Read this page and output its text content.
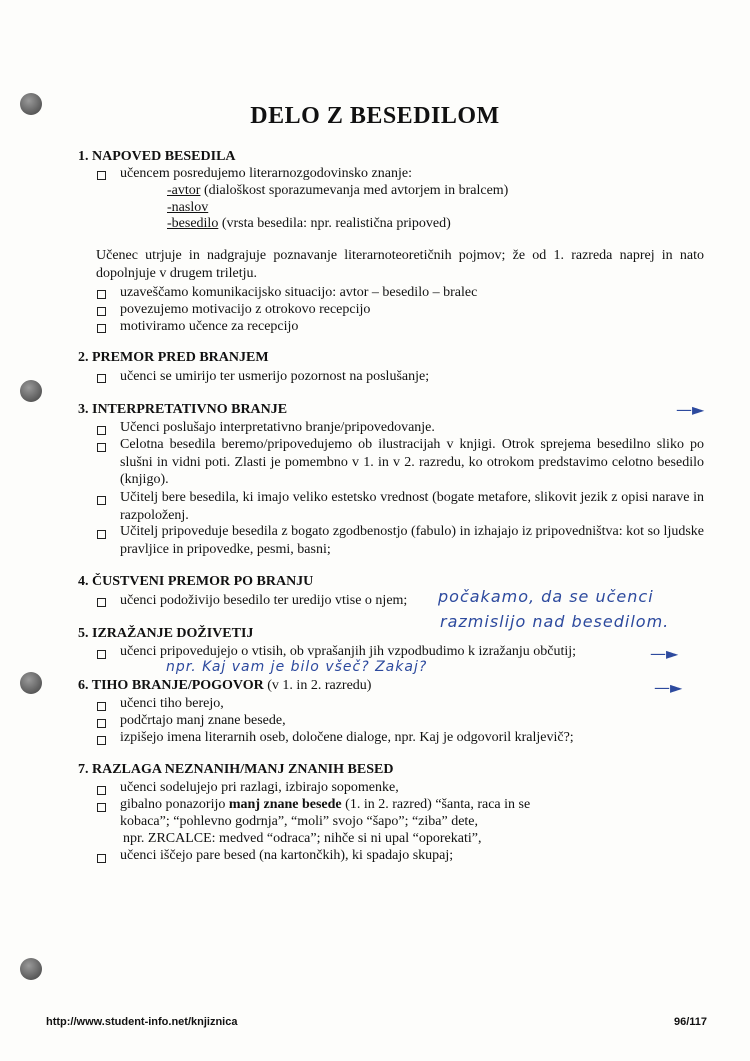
DELO Z BESEDILOM
1. NAPOVED BESEDILA
učencem posredujemo literarnozgodovinsko znanje:
-avtor (dialoškost sporazumevanja med avtorjem in bralcem)
-naslov
-besedilo (vrsta besedila: npr. realistična pripoved)
Učenec utrjuje in nadgrajuje poznavanje literarnoteoretičnih pojmov; že od 1. razreda naprej in nato dopolnjuje v drugem triletju.
uzaveščamo komunikacijsko situacijo: avtor – besedilo – bralec
povezujemo motivacijo z otrokovo recepcijo
motiviramo učence za recepcijo
2. PREMOR PRED BRANJEM
učenci se umirijo ter usmerijo pozornost na poslušanje;
3. INTERPRETATIVNO BRANJE	—►
Učenci poslušajo interpretativno branje/pripovedovanje.
Celotna besedila beremo/pripovedujemo ob ilustracijah v knjigi. Otrok sprejema besedilno sliko po slušni in vidni poti. Zlasti je pomembno v 1. in v 2. razredu, ko otrokom predstavimo celotno besedilo (knjigo).
Učitelj bere besedila, ki imajo veliko estetsko vrednost (bogate metafore, slikovit jezik z opisi narave in razpoloženj.
Učitelj pripoveduje besedila z bogato zgodbenostjo (fabulo) in izhajajo iz pripovedništva: kot so ljudske pravljice in pripovedke, pesmi, basni;
4. ČUSTVENI PREMOR PO BRANJU
učenci podoživijo besedilo ter uredijo vtise o njem; počakamo, da se učenci
5. IZRAŽANJE DOŽIVETIJ
razmislijo nad besedilom.
učenci pripovedujejo o vtisih, ob vprašanjih jih vzpodbudimo k izražanju občutij;	—►
npr. Kaj vam je bilo všeč? Zakaj?
6. TIHO BRANJE/POGOVOR (v 1. in 2. razredu)	—►
učenci tiho berejo,
podčrtajo manj znane besede,
izpišejo imena literarnih oseb, določene dialoge, npr. Kaj je odgovoril kraljevič?;
7. RAZLAGA NEZNANIH/MANJ ZNANIH BESED
učenci sodelujejo pri razlagi, izbirajo sopomenke,
gibalno ponazorijo manj znane besede (1. in 2. razred) “šanta, raca in se
kobaca”; “pohlevno godrnja”, “moli” svojo “šapo”; “ziba” dete,
npr. ZRCALCE: medved “odraca”; nihče si ni upal “oporekati”,
učenci iščejo pare besed (na kartončkih), ki spadajo skupaj;
http://www.student-info.net/knjiznica	96/117
